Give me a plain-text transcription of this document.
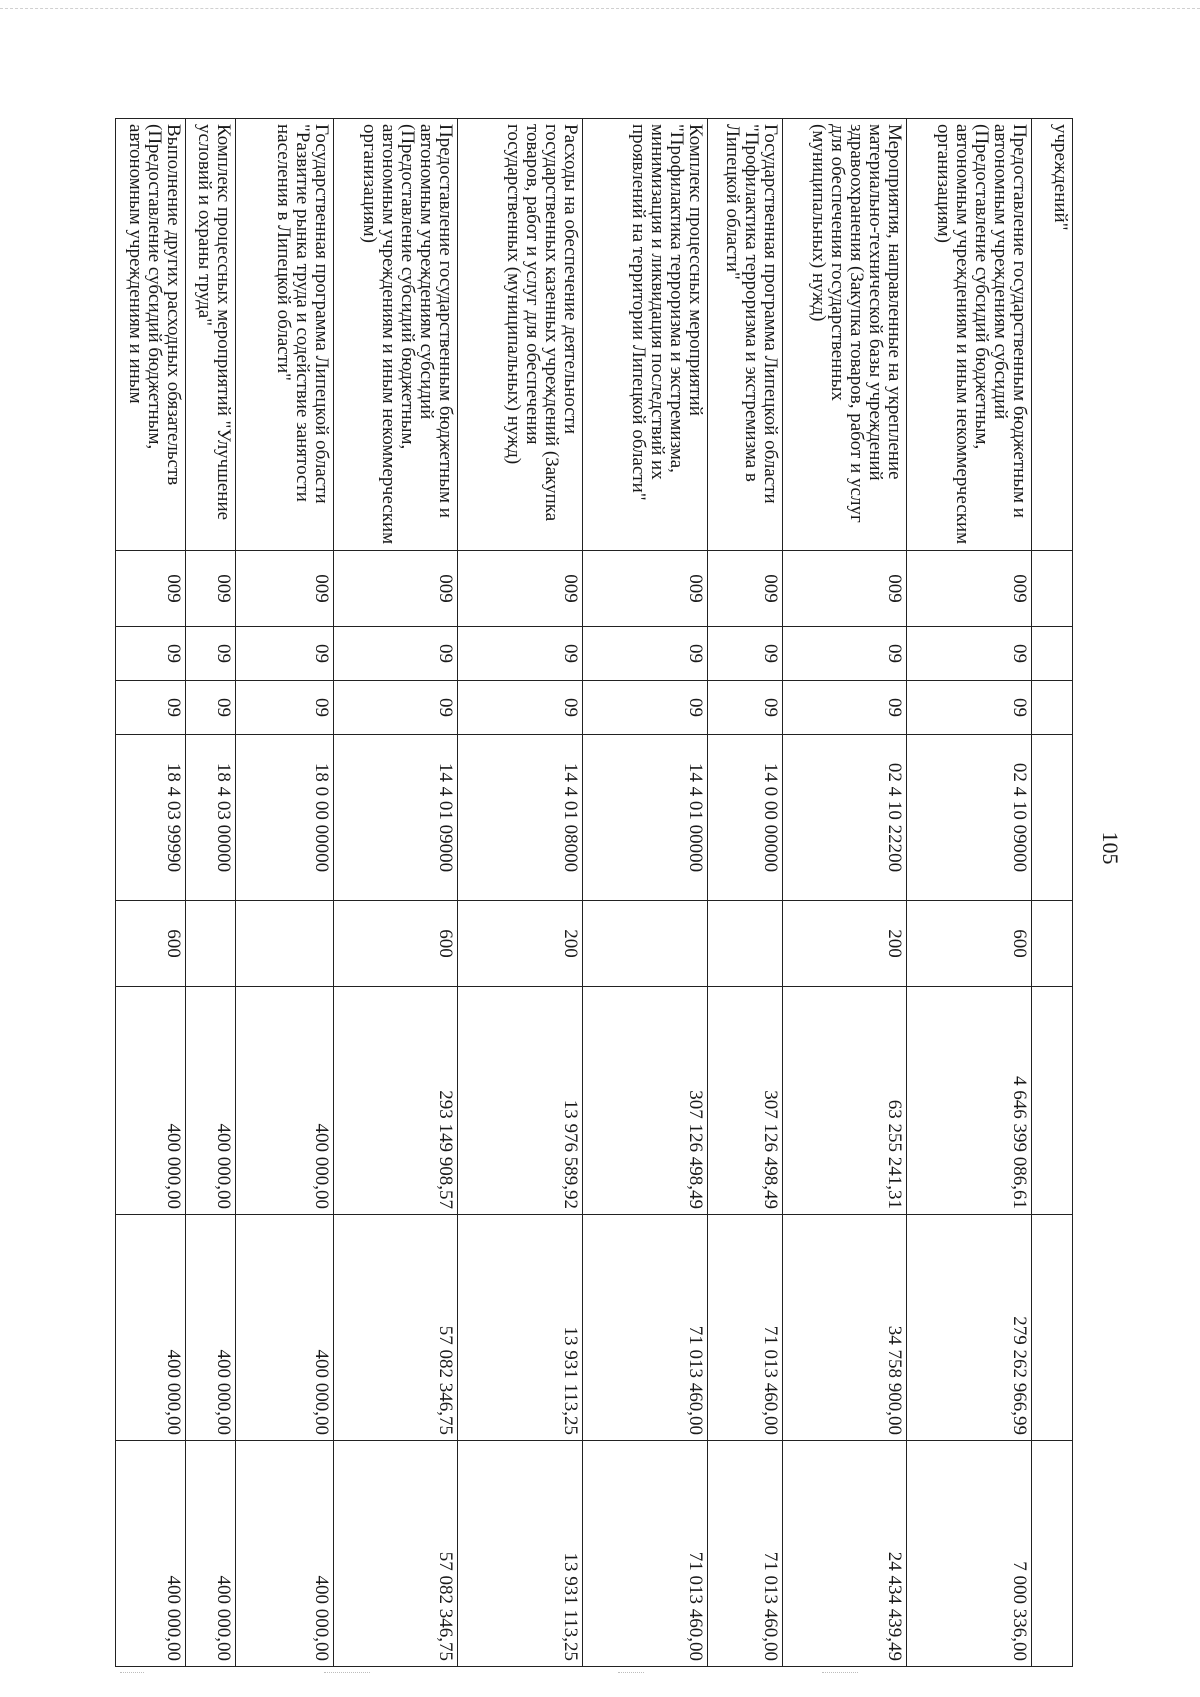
105
учреждений"								
Предоставление государственным бюджетным и автономным учреждениям субсидий (Предоставление субсидий бюджетным, автономным учреждениям и иным некоммерческим организациям)	009	09	09	02 4 10 09000	600	4 646 399 086,61	279 262 966,99	7 000 336,00
Мероприятия, направленные на укрепление материально-технической базы учреждений здравоохранения (Закупка товаров, работ и услуг для обеспечения государственных (муниципальных) нужд)	009	09	09	02 4 10 22200	200	63 255 241,31	34 758 900,00	24 434 439,49
Государственная программа Липецкой области "Профилактика терроризма и экстремизма в Липецкой области"	009	09	09	14 0 00 00000		307 126 498,49	71 013 460,00	71 013 460,00
Комплекс процессных мероприятий "Профилактика терроризма и экстремизма, минимизация и ликвидация последствий их проявлений на территории Липецкой области"	009	09	09	14 4 01 00000		307 126 498,49	71 013 460,00	71 013 460,00
Расходы на обеспечение деятельности государственных казенных учреждений (Закупка товаров, работ и услуг для обеспечения государственных (муниципальных) нужд)	009	09	09	14 4 01 08000	200	13 976 589,92	13 931 113,25	13 931 113,25
Предоставление государственным бюджетным и автономным учреждениям субсидий (Предоставление субсидий бюджетным, автономным учреждениям и иным некоммерческим организациям)	009	09	09	14 4 01 09000	600	293 149 908,57	57 082 346,75	57 082 346,75
Государственная программа Липецкой области "Развитие рынка труда и содействие занятости населения в Липецкой области"	009	09	09	18 0 00 00000		400 000,00	400 000,00	400 000,00
Комплекс процессных мероприятий "Улучшение условий и охраны труда"	009	09	09	18 4 03 00000		400 000,00	400 000,00	400 000,00
Выполнение других расходных обязательств (Предоставление субсидий бюджетным, автономным учреждениям и иным	009	09	09	18 4 03 99990	600	400 000,00	400 000,00	400 000,00
